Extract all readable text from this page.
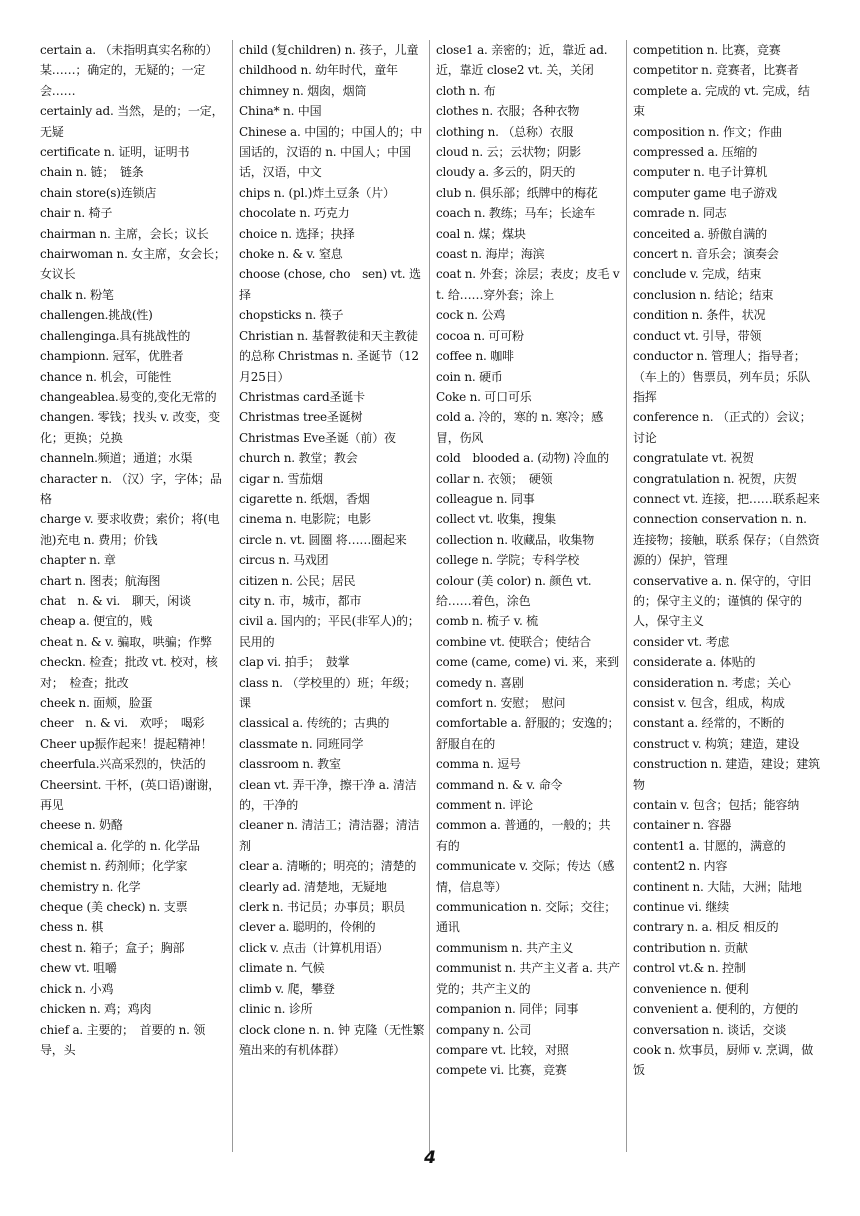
certain a. （未指明真实名称的）某……；确定的，无疑的；一定会……
certainly ad. 当然，是的；一定，无疑
certificate n. 证明，证明书
chain n. 链；　链条
chain store(s)连锁店
chair n. 椅子
chairman n. 主席，会长；议长
chairwoman n. 女主席，女会长；女议长
chalk n. 粉笔
challengen.挑战(性)
challenginga.具有挑战性的
championn. 冠军，优胜者
chance n. 机会，可能性
changeablea.易变的,变化无常的
changen. 零钱；找头 v. 改变，变化；更换；兑换
channeln.频道；通道；水渠
character n. （汉）字，字体；品格
charge v. 要求收费；索价；将(电池)充电 n. 费用；价钱
chapter n. 章
chart n. 图表；航海图
chat　n. & vi.　聊天，闲谈
cheap a. 便宜的，贱
cheat n. & v. 骗取，哄骗；作弊
checkn. 检查；批改 vt. 校对，核对；　检查；批改
cheek n. 面颊，脸蛋
cheer　n. & vi.　欢呼；　喝彩
Cheer up振作起来！提起精神！
cheerfula.兴高采烈的，快活的
Cheersint. 干杯，(英口语)谢谢，再见
cheese n. 奶酪
chemical a. 化学的 n. 化学品
chemist n. 药剂师；化学家
chemistry n. 化学
cheque (美 check) n. 支票
chess n. 棋
chest n. 箱子；盒子；胸部
chew vt. 咀嚼
chick n. 小鸡
chicken n. 鸡；鸡肉
chief a. 主要的；　首要的 n. 领导，头
child (复children) n. 孩子，儿童
childhood n. 幼年时代，童年
chimney n. 烟囱，烟筒
China* n. 中国
Chinese a. 中国的；中国人的；中国话的，汉语的 n. 中国人；中国话，汉语，中文
chips n. (pl.)炸土豆条（片）
chocolate n. 巧克力
choice n. 选择；抉择
choke n. & v. 窒息
choose (chose, cho　sen) vt. 选择
chopsticks n. 筷子
Christian n. 基督教徒和天主教徒的总称 Christmas n. 圣诞节（12月25日）
Christmas card圣诞卡
Christmas tree圣诞树
Christmas Eve圣诞（前）夜
church n. 教堂；教会
cigar n. 雪茄烟
cigarette n. 纸烟，香烟
cinema n. 电影院；电影
circle n. vt. 圆圈 将……圈起来
circus n. 马戏团
citizen n. 公民；居民
city n. 市，城市，都市
civil a. 国内的；平民(非军人)的；民用的
clap vi. 拍手；　鼓掌
class n. （学校里的）班；年级；课
classical a. 传统的；古典的
classmate n. 同班同学
classroom n. 教室
clean vt. 弄干净，擦干净 a. 清洁的，干净的
cleaner n. 清洁工；清洁器；清洁剂
clear a. 清晰的；明亮的；清楚的
clearly ad. 清楚地，无疑地
clerk n. 书记员；办事员；职员
clever a. 聪明的，伶俐的
click v. 点击（计算机用语）
climate n. 气候
climb v. 爬，攀登
clinic n. 诊所
clock clone n. n. 钟 克隆（无性繁殖出来的有机体群）
close1 a. 亲密的；近，靠近 ad. 近，靠近 close2 vt. 关，关闭
cloth n. 布
clothes n. 衣服；各种衣物
clothing n. （总称）衣服
cloud n. 云；云状物；阴影
cloudy a. 多云的，阴天的
club n. 俱乐部；纸牌中的梅花
coach n. 教练；马车；长途车
coal n. 煤；煤块
coast n. 海岸；海滨
coat n. 外套；涂层；表皮；皮毛 vt. 给……穿外套；涂上
cock n. 公鸡
cocoa n. 可可粉
coffee n. 咖啡
coin n. 硬币
Coke n. 可口可乐
cold a. 冷的，寒的 n. 寒冷；感冒，伤风
cold　blooded a. (动物) 冷血的
collar n. 衣领；　硬领
colleague n. 同事
collect vt. 收集，搜集
collection n. 收藏品，收集物
college n. 学院；专科学校
colour (美 color) n. 颜色 vt. 给……着色，涂色
comb n. 梳子 v. 梳
combine vt. 使联合；使结合
come (came, come) vi. 来，来到
comedy n. 喜剧
comfort n. 安慰；　慰问
comfortable a. 舒服的；安逸的；舒服自在的
comma n. 逗号
command n. & v. 命令
comment n. 评论
common a. 普通的，一般的；共有的
communicate v. 交际；传达（感情，信息等）
communication n. 交际；交往；通讯
communism n. 共产主义
communist n. 共产主义者 a. 共产党的；共产主义的
companion n. 同伴；同事
company n. 公司
compare vt. 比较，对照
compete vi. 比赛，竞赛
competition n. 比赛，竞赛
competitor n. 竞赛者，比赛者
complete a. 完成的 vt. 完成，结束
composition n. 作文；作曲
compressed a. 压缩的
computer n. 电子计算机
computer game 电子游戏
comrade n. 同志
conceited a. 骄傲自满的
concert n. 音乐会；演奏会
conclude v. 完成，结束
conclusion n. 结论；结束
condition n. 条件，状况
conduct vt. 引导，带领
conductor n. 管理人；指导者；（车上的）售票员，列车员；乐队指挥
conference n. （正式的）会议；讨论
congratulate vt. 祝贺
congratulation n. 祝贺，庆贺
connect vt. 连接，把……联系起来
connection conservation n. n. 连接物；接触，联系 保存；（自然资源的）保护，管理
conservative a. n. 保守的，守旧的；保守主义的；谨慎的 保守的人，保守主义
consider vt. 考虑
considerate a. 体贴的
consideration n. 考虑；关心
consist v. 包含，组成，构成
constant a. 经常的，不断的
construct v. 构筑；建造，建设
construction n. 建造，建设；建筑物
contain v. 包含；包括；能容纳
container n. 容器
content1 a. 甘愿的，满意的
content2 n. 内容
continent n. 大陆，大洲；陆地
continue vi. 继续
contrary n. a. 相反 相反的
contribution n. 贡献
control vt.& n. 控制
convenience n. 便利
convenient a. 便利的，方便的
conversation n. 谈话，交谈
cook n. 炊事员，厨师 v. 烹调，做饭
4
